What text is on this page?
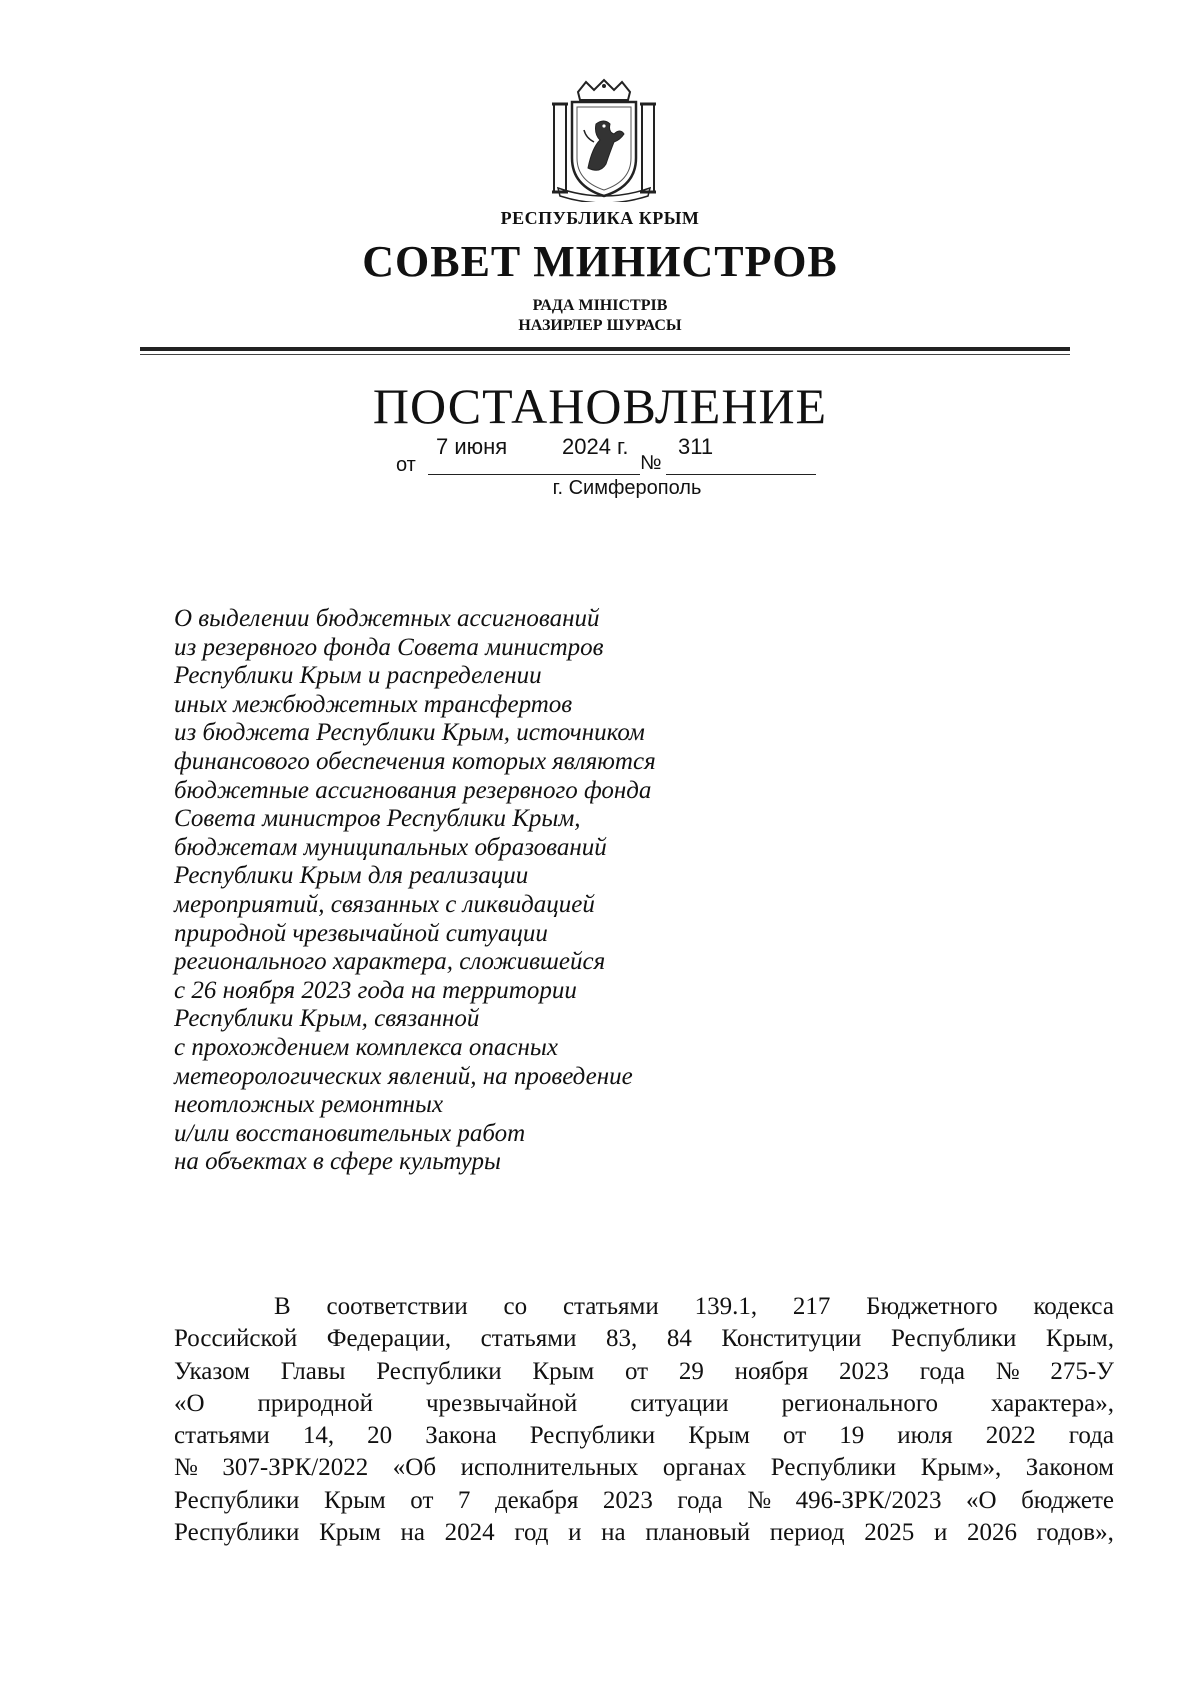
РЕСПУБЛИКА КРЫМ
СОВЕТ МИНИСТРОВ
РАДА МІНІСТРІВ
НАЗИРЛЕР ШУРАСЫ
ПОСТАНОВЛЕНИЕ
от
7 июня 2024 г.
№
311
г. Симферополь
О выделении бюджетных ассигнований
из резервного фонда Совета министров
Республики Крым и распределении
иных межбюджетных трансфертов
из бюджета Республики Крым, источником
финансового обеспечения которых являются
бюджетные ассигнования резервного фонда
Совета министров Республики Крым,
бюджетам муниципальных образований
Республики Крым для реализации
мероприятий, связанных с ликвидацией
природной чрезвычайной ситуации
регионального характера, сложившейся
с 26 ноября 2023 года на территории
Республики Крым, связанной
с прохождением комплекса опасных
метеорологических явлений, на проведение
неотложных ремонтных
и/или восстановительных работ
на объектах в сфере культуры
В соответствии со статьями 139.1, 217 Бюджетного кодекса
Российской Федерации, статьями 83, 84 Конституции Республики Крым,
Указом Главы Республики Крым от 29 ноября 2023 года № 275-У
«О природной чрезвычайной ситуации регионального характера»,
статьями 14, 20 Закона Республики Крым от 19 июля 2022 года
№ 307-ЗРК/2022 «Об исполнительных органах Республики Крым», Законом
Республики Крым от 7 декабря 2023 года № 496-ЗРК/2023 «О бюджете
Республики Крым на 2024 год и на плановый период 2025 и 2026 годов»,
